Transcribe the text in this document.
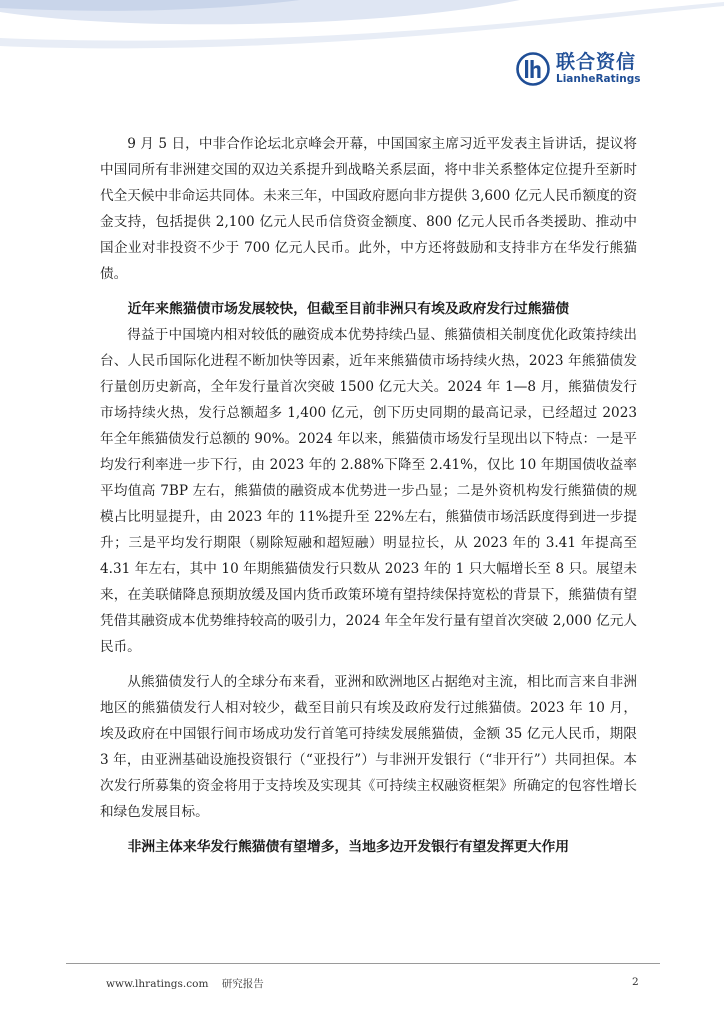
联合资信
LianheRatings

9 月 5 日，中非合作论坛北京峰会开幕，中国国家主席习近平发表主旨讲话，提议将中国同所有非洲建交国的双边关系提升到战略关系层面，将中非关系整体定位提升至新时代全天候中非命运共同体。未来三年，中国政府愿向非方提供 3,600 亿元人民币额度的资金支持，包括提供 2,100 亿元人民币信贷资金额度、800 亿元人民币各类援助、推动中国企业对非投资不少于 700 亿元人民币。此外，中方还将鼓励和支持非方在华发行熊猫债。

近年来熊猫债市场发展较快，但截至目前非洲只有埃及政府发行过熊猫债

得益于中国境内相对较低的融资成本优势持续凸显、熊猫债相关制度优化政策持续出台、人民币国际化进程不断加快等因素，近年来熊猫债市场持续火热，2023 年熊猫债发行量创历史新高，全年发行量首次突破 1500 亿元大关。2024 年 1—8 月，熊猫债发行市场持续火热，发行总额超多 1,400 亿元，创下历史同期的最高记录，已经超过 2023 年全年熊猫债发行总额的 90%。2024 年以来，熊猫债市场发行呈现出以下特点：一是平均发行利率进一步下行，由 2023 年的 2.88%下降至 2.41%，仅比 10 年期国债收益率平均值高 7BP 左右，熊猫债的融资成本优势进一步凸显；二是外资机构发行熊猫债的规模占比明显提升，由 2023 年的 11%提升至 22%左右，熊猫债市场活跃度得到进一步提升；三是平均发行期限（剔除短融和超短融）明显拉长，从 2023 年的 3.41 年提高至 4.31 年左右，其中 10 年期熊猫债发行只数从 2023 年的 1 只大幅增长至 8 只。展望未来，在美联储降息预期放缓及国内货币政策环境有望持续保持宽松的背景下，熊猫债有望凭借其融资成本优势维持较高的吸引力，2024 年全年发行量有望首次突破 2,000 亿元人民币。

从熊猫债发行人的全球分布来看，亚洲和欧洲地区占据绝对主流，相比而言来自非洲地区的熊猫债发行人相对较少，截至目前只有埃及政府发行过熊猫债。2023 年 10 月，埃及政府在中国银行间市场成功发行首笔可持续发展熊猫债，金额 35 亿元人民币，期限 3 年，由亚洲基础设施投资银行（“亚投行”）与非洲开发银行（“非开行”）共同担保。本次发行所募集的资金将用于支持埃及实现其《可持续主权融资框架》所确定的包容性增长和绿色发展目标。

非洲主体来华发行熊猫债有望增多，当地多边开发银行有望发挥更大作用
www.lhratings.com 研究报告	2
